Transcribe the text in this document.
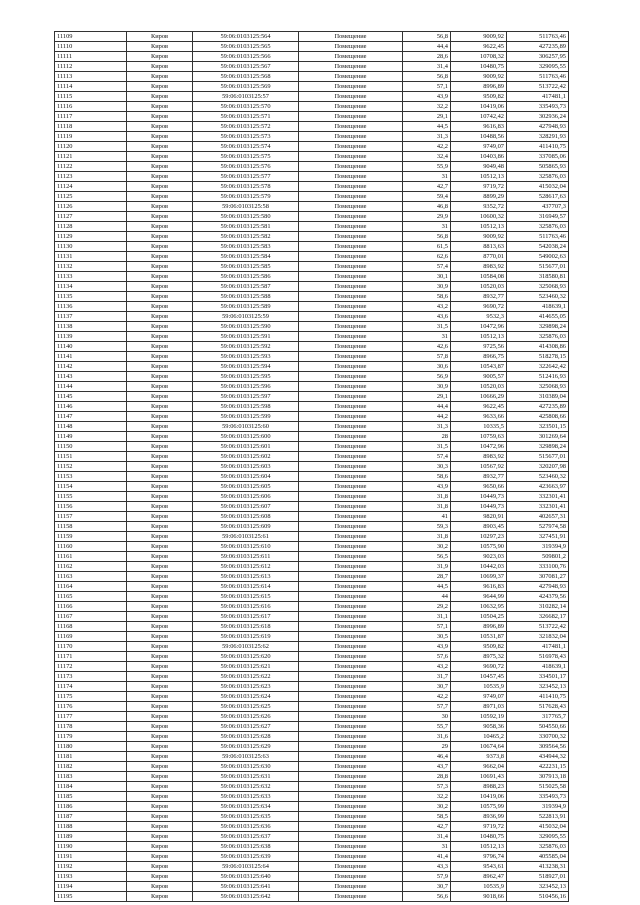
11109	Киров	59:06:0103125:564	Помещение	56,8	9009,92	511763,46
11110	Киров	59:06:0103125:565	Помещение	44,4	9622,45	427235,89
11111	Киров	59:06:0103125:566	Помещение	28,6	10708,32	306257,95
11112	Киров	59:06:0103125:567	Помещение	31,4	10480,75	329095,55
11113	Киров	59:06:0103125:568	Помещение	56,8	9009,92	511763,46
11114	Киров	59:06:0103125:569	Помещение	57,1	8996,89	513722,42
11115	Киров	59:06:0103125:57	Помещение	43,9	9509,82	417481,1
11116	Киров	59:06:0103125:570	Помещение	32,2	10419,06	335493,73
11117	Киров	59:06:0103125:571	Помещение	29,1	10742,42	302936,24
11118	Киров	59:06:0103125:572	Помещение	44,5	9616,83	427948,93
11119	Киров	59:06:0103125:573	Помещение	31,3	10488,56	328291,93
11120	Киров	59:06:0103125:574	Помещение	42,2	9749,07	411410,75
11121	Киров	59:06:0103125:575	Помещение	32,4	10403,86	337085,06
11122	Киров	59:06:0103125:576	Помещение	55,9	9049,48	505865,93
11123	Киров	59:06:0103125:577	Помещение	31	10512,13	325876,03
11124	Киров	59:06:0103125:578	Помещение	42,7	9719,72	415032,04
11125	Киров	59:06:0103125:579	Помещение	59,4	8899,29	528617,63
11126	Киров	59:06:0103125:58	Помещение	46,8	9352,72	437707,3
11127	Киров	59:06:0103125:580	Помещение	29,9	10600,32	316949,57
11128	Киров	59:06:0103125:581	Помещение	31	10512,13	325876,03
11129	Киров	59:06:0103125:582	Помещение	56,8	9009,92	511763,46
11130	Киров	59:06:0103125:583	Помещение	61,5	8813,63	542038,24
11131	Киров	59:06:0103125:584	Помещение	62,6	8770,01	549002,63
11132	Киров	59:06:0103125:585	Помещение	57,4	8983,92	515677,01
11133	Киров	59:06:0103125:586	Помещение	30,1	10584,08	318580,81
11134	Киров	59:06:0103125:587	Помещение	30,9	10520,03	325068,93
11135	Киров	59:06:0103125:588	Помещение	58,6	8932,77	523460,32
11136	Киров	59:06:0103125:589	Помещение	43,2	9690,72	418639,1
11137	Киров	59:06:0103125:59	Помещение	43,6	9532,3	414655,05
11138	Киров	59:06:0103125:590	Помещение	31,5	10472,96	329898,24
11139	Киров	59:06:0103125:591	Помещение	31	10512,13	325876,03
11140	Киров	59:06:0103125:592	Помещение	42,6	9725,56	414308,86
11141	Киров	59:06:0103125:593	Помещение	57,8	8966,75	518278,15
11142	Киров	59:06:0103125:594	Помещение	30,6	10543,87	322642,42
11143	Киров	59:06:0103125:595	Помещение	56,9	9005,57	512416,93
11144	Киров	59:06:0103125:596	Помещение	30,9	10520,03	325068,93
11145	Киров	59:06:0103125:597	Помещение	29,1	10666,29	310389,04
11146	Киров	59:06:0103125:598	Помещение	44,4	9622,45	427235,89
11147	Киров	59:06:0103125:599	Помещение	44,2	9633,66	425808,66
11148	Киров	59:06:0103125:60	Помещение	31,3	10335,5	323501,15
11149	Киров	59:06:0103125:600	Помещение	28	10759,63	301269,64
11150	Киров	59:06:0103125:601	Помещение	31,5	10472,96	329898,24
11151	Киров	59:06:0103125:602	Помещение	57,4	8983,92	515677,01
11152	Киров	59:06:0103125:603	Помещение	30,3	10567,92	320207,98
11153	Киров	59:06:0103125:604	Помещение	58,6	8932,77	523460,32
11154	Киров	59:06:0103125:605	Помещение	43,9	9650,66	423663,97
11155	Киров	59:06:0103125:606	Помещение	31,8	10449,73	332301,41
11156	Киров	59:06:0103125:607	Помещение	31,8	10449,73	332301,41
11157	Киров	59:06:0103125:608	Помещение	41	9820,91	402657,31
11158	Киров	59:06:0103125:609	Помещение	59,3	8903,45	527974,58
11159	Киров	59:06:0103125:61	Помещение	31,8	10297,23	327451,91
11160	Киров	59:06:0103125:610	Помещение	30,2	10575,90	319394,9
11161	Киров	59:06:0103125:611	Помещение	56,5	9023,03	509801,2
11162	Киров	59:06:0103125:612	Помещение	31,9	10442,03	333100,76
11163	Киров	59:06:0103125:613	Помещение	28,7	10699,37	307081,27
11164	Киров	59:06:0103125:614	Помещение	44,5	9616,83	427948,93
11165	Киров	59:06:0103125:615	Помещение	44	9644,99	424379,56
11166	Киров	59:06:0103125:616	Помещение	29,2	10632,95	310282,14
11167	Киров	59:06:0103125:617	Помещение	31,1	10504,25	326682,17
11168	Киров	59:06:0103125:618	Помещение	57,1	8996,89	513722,42
11169	Киров	59:06:0103125:619	Помещение	30,5	10531,87	321832,04
11170	Киров	59:06:0103125:62	Помещение	43,9	9509,82	417481,1
11171	Киров	59:06:0103125:620	Помещение	57,6	8975,32	516978,43
11172	Киров	59:06:0103125:621	Помещение	43,2	9690,72	418639,1
11173	Киров	59:06:0103125:622	Помещение	31,7	10457,45	334501,17
11174	Киров	59:06:0103125:623	Помещение	30,7	10535,9	323452,13
11175	Киров	59:06:0103125:624	Помещение	42,2	9749,07	411410,75
11176	Киров	59:06:0103125:625	Помещение	57,7	8971,03	517628,43
11177	Киров	59:06:0103125:626	Помещение	30	10592,19	317765,7
11178	Киров	59:06:0103125:627	Помещение	55,7	9058,36	504550,66
11179	Киров	59:06:0103125:628	Помещение	31,6	10465,2	330700,32
11180	Киров	59:06:0103125:629	Помещение	29	10674,64	309564,56
11181	Киров	59:06:0103125:63	Помещение	46,4	9373,8	434944,32
11182	Киров	59:06:0103125:630	Помещение	43,7	9662,04	422231,15
11183	Киров	59:06:0103125:631	Помещение	28,8	10691,43	307913,18
11184	Киров	59:06:0103125:632	Помещение	57,3	8988,23	515025,58
11185	Киров	59:06:0103125:633	Помещение	32,2	10419,06	335493,73
11186	Киров	59:06:0103125:634	Помещение	30,2	10575,99	319394,9
11187	Киров	59:06:0103125:635	Помещение	58,5	8936,99	522813,91
11188	Киров	59:06:0103125:636	Помещение	42,7	9719,72	415032,04
11189	Киров	59:06:0103125:637	Помещение	31,4	10480,75	329095,55
11190	Киров	59:06:0103125:638	Помещение	31	10512,13	325876,03
11191	Киров	59:06:0103125:639	Помещение	41,4	9796,74	405585,04
11192	Киров	59:06:0103125:64	Помещение	43,3	9543,61	413238,31
11193	Киров	59:06:0103125:640	Помещение	57,9	8962,47	518927,01
11194	Киров	59:06:0103125:641	Помещение	30,7	10535,9	323452,13
11195	Киров	59:06:0103125:642	Помещение	56,6	9018,66	510456,16
